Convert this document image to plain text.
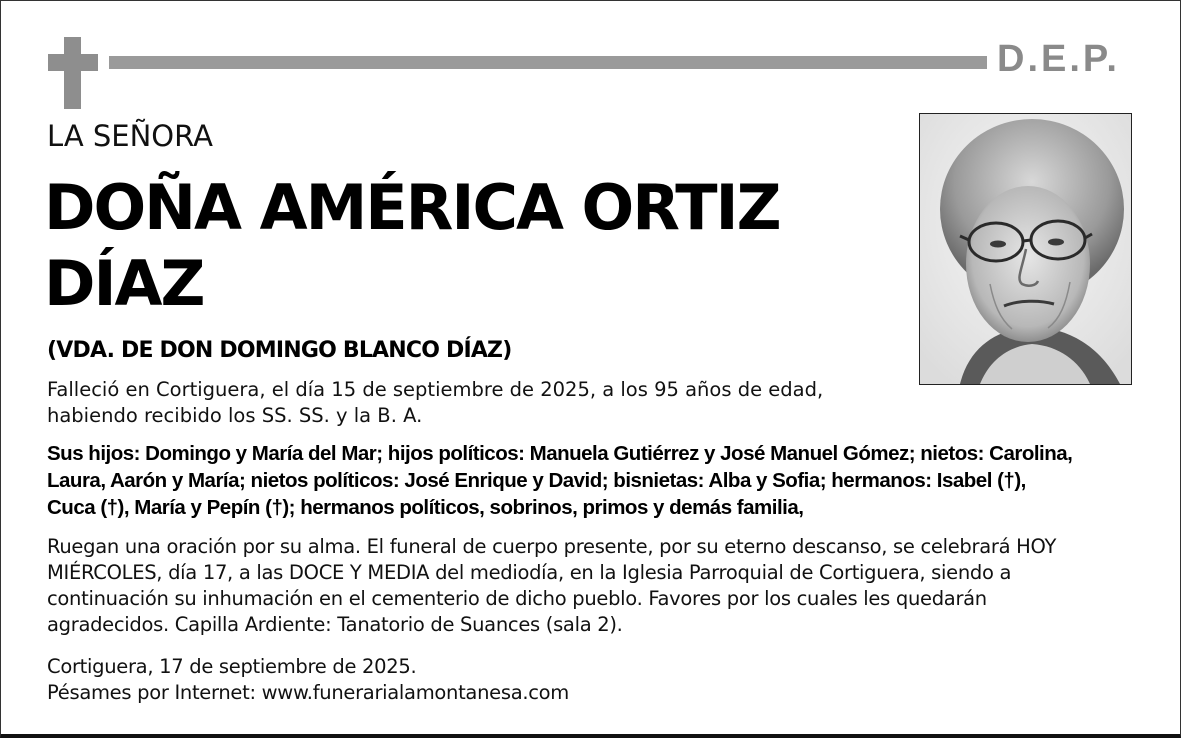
D.E.P.
LA SEÑORA
DOÑA AMÉRICA ORTIZ
DÍAZ
(VDA. DE DON DOMINGO BLANCO DÍAZ)
Falleció en Cortiguera, el día 15 de septiembre de 2025, a los 95 años de edad,
habiendo recibido los SS. SS. y la B. A.
Sus hijos: Domingo y María del Mar; hijos políticos: Manuela Gutiérrez y José Manuel Gómez; nietos: Carolina,
Laura, Aarón y María; nietos políticos: José Enrique y David; bisnietas: Alba y Sofia; hermanos: Isabel (†),
Cuca (†), María y Pepín (†); hermanos políticos, sobrinos, primos y demás familia,
Ruegan una oración por su alma. El funeral de cuerpo presente, por su eterno descanso, se celebrará HOY
MIÉRCOLES, día 17, a las DOCE Y MEDIA del mediodía, en la Iglesia Parroquial de Cortiguera, siendo a
continuación su inhumación en el cementerio de dicho pueblo. Favores por los cuales les quedarán
agradecidos. Capilla Ardiente: Tanatorio de Suances (sala 2).
Cortiguera, 17 de septiembre de 2025.
Pésames por Internet: www.funerarialamontanesa.com
